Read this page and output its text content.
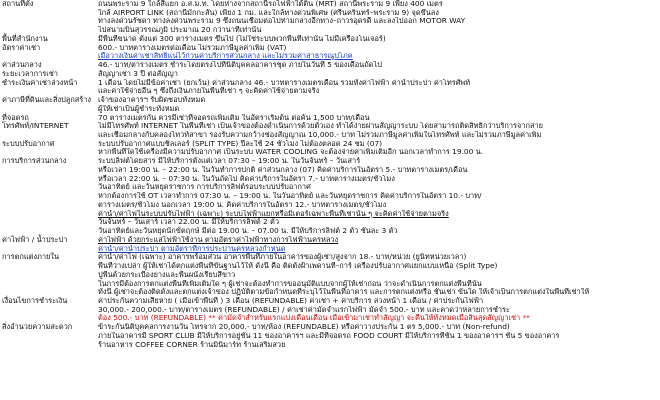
สถานที่ตั้ง	ถนนพระราม 9 ใกล้สี่แยก อ.ส.ม.ท. โดยห่างจากสถานีรถไฟฟ้าใต้ดิน (MRT) สถานีพระราม 9 เพียง 400 เมตร
ใกล้ AIRPORT LINK (สถานีมักกะสัน) เพียง 1 กม. และใกล้ทางด่วนพิเศษ (ศรีนครินทร์–พระราม 9) จุดขึ้นลง
ทางลงด่วนรัชดา ทางลงด่วนพระราม 9 ซึ่งถนนเชื่อมต่อไปท่ามกลางอีกทาง–ถาวรอุดรดี และลงไปออก MOTOR WAY
ไปสนามบินสุวรรณภูมิ ประมาณ 20 กว่านาทีเท่านั้น

พื้นที่สำนักงาน	มีพื้นที่ขนาด ตั้งแต่ 300 ตารางเมตร ขึ้นไป (ไม่ใช่ระบบพวกพื้นที่เท่านั้น ไม่มีเครื่องโนเจอร์)

อัตราค่าเช่า	600.- บาทตารางเมตรต่อเดือน ไม่รวมภาษีมูลค่าเพิ่ม (VAT)
เมื่อวางเงินค่าเช่าสิทธิ์แน่ไว้ก่วนค่าบริการส่วนกลาง และไม่รวมค่าสาธารณูปโภค

ค่าส่วนกลาง	46.- บาท/ตารางเมตร ชำระโดยตรงไปที่นิติบุคคลอาคารชุด ภายในวันที่ 5 ของเดือนถัดไป

ระยะเวลาการเช่า	สัญญาเช่า 3 ปี ต่อสัญญา

ชำระเงินค่าเช่าล่วงหน้า	1 เดือน โดยไม่มีข้อค่าเช่า (ยกเว้น) ค่าส่วนกลาง 46.- บาทตารางเมตรเดือน รวมทั้งค่าไฟฟ้า ค่าน้ำประปา ค่าโทรศัพท์
และค่าใช้จ่ายอื่น ๆ ซึ่งถึงเงินภายในพื้นที่เช่า ๆ จะคิดค่าใช้จ่ายตามจริง

ค่าภาษีที่ดินและสิ่งปลูกสร้าง	เจ้าของอาคารฯ รับผิดชอบทั้งหมด
ผู้ให้เช่าเป็นผู้ชำระทั้งหมด

ที่จอดรถ	70 ตารางเมตรกัน ควรมีเช่าที่จอดรถเพิ่มเติม ในอัตราเริ่มต้น ต่อคัน 1,500 บาท/เดือน

โทรศัพท์/INTERNET	ไม่มีโทรศัพท์ INTERNET ในพื้นที่เช่า เป็นเจ้าของต้องดำเนินการด้วยตัวเอง ทำได้ง่ายผ่านสัญญาระบบ โดยสามารถติดสิทธิ์กว่าบริการจากสาย
และเชื่อมกลางกับคลองไทวท์สาขา รองรับความกว้างช่องสัญญาณ 10,000.- บาท ไม่รวมภาษีมูลค่าเพิ่มในโทรศัพท์ และไม่รวมภาษีมูลค่าเพิ่ม

ระบบปรับอากาศ	ระบบปรับอากาศแบบชิลเลอร์ (SPLIT TYPE) ปีละใช้ 24 ชั่วโมง ไม่ต้องตลอด 24 ชม (07)
หากพื้นที่ใดใช้เครื่องมีความปรับอากาศ เป็นระบบ WATER COOLING จะต้องจ่ายค่าเพิ่มเติมอีก นอกเวลาทำการ 19.00 น.

การบริการส่วนกลาง	ระบบลิฟต์โดยสาร มีให้บริการตั้งแต่เวลา 07:30 – 19:00 น. ในวันจันทร์ – วันเสาร์
หรือเวลา 19:00 น. – 22:00 น. ในวันทำการปกติ ค่าส่วนกลาง (07) คิดค่าบริการในอัตรา 5.- บาทตารางเมตร/เดือน
หรือเวลา 22:00 น. – 07:30 น. ในวันถัดไป คิดค่าบริการในอัตรา 7.- บาทตารางเมตร/ชั่วโมง
วันอาทิตย์ และวันหยุดราชการ การบริการลิฟต์รอบระบบปรับอากาศ
หากต้องการใช้ OT เวลาทำการ 07:30 น. – 19:00 น. ในวันอาทิตย์ และวันหยุดราชการ คิดค่าบริการในอัตรา 10.- บาท/
ตารางเมตร/ชั่วโมง นอกเวลา 19:00 น. คิดค่าบริการในอัตรา 12.- บาทตารางเมตร/ชั่วโมง
ค่าน้ำ/ค่าไฟในระบบปรับไฟฟ้า (เฉพาะ) ระบบไฟฟ้าแยกหรือมิเตอร์เฉพาะพื้นที่เช่านั้น ๆ จะคิดค่าใช้จ่ายตามจริง
วันจันทร์ – วันเสาร์ เวลา 22.00 น. มีให้บริการลิฟต์ 2 ตัว
วันอาทิตย์และวันหยุดนักขัตฤกษ์ มีต่อ 19.00 น. – 07.00 น. มีให้บริการลิฟต์ 2 ตัว ชั้นละ 3 ตัว

ค่าไฟฟ้า / น้ำประปา	ค่าไฟฟ้า ด้วยกระแสไฟฟ้าใช้งาน ตามอัตราค่าไฟฟ้าทางการไฟฟ้านครหลวง
ค่าน้ำ/ค่าน้ำประปา ตามอัตราที่การประปานครหลวงกำหนด

การตกแต่งภายใน	ค่าน้ำ/ค่าไฟ (เฉพาะ) อาคารพร้อมส่วน อาคารพื้นที่ภายในอาคารของผู้เช่า/สูงจาก 18.- บาท/หน่วย (ยูนิทหน่วยเวลา)
พื้นที่ว่างเปล่า ผู้ให้เช่าได้ตกแต่งพื้นที่ขั้นฐานไว้ให้ ดังนี้ คือ ติดตั้งฝ้าเพดานที–การ์ เครื่องปรับอากาศแยกแบบเหนือ (Split Type)
ปูพื้นด้วยกระเบื้องยางและพื้นผนังเรียบสีขาว
ในการมีต้องการตกแต่งพื้นที่เพิ่มเติมใด ๆ ผู้เช่าจะต้องทำการขออนุมัติแบบจากผู้ให้เช่าก่อน ว่าจะดำเนินการตกแต่งพื้นที่นั้น
ทั้งนี้ ผู้เช่าจะต้องติดตั้งและตกแต่งเจ้าของ ปฏิบัติตามข้อกำหนดที่ระบุไว้ในพื้นที่อาคาร และการตกแต่งหรือ ชั้นเช่า ขั้นใด ให้เจ้าเป็นการตกแต่งในพื้นที่เช่าให้

เงื่อนไขการชำระเงิน	ค่าประกันความเสียหาย ( เมื่อเข้าพื้นที่ ) 3 เดือน (REFUNDABLE) ค่าเช่า + ค่าบริการ ล่วงหน้า 1 เดือน / ค่าประกันไฟฟ้า
30,000.- 200,000.- บาท/ตารางเมตร (REFUNDABLE) / ค่าเช่าค่ามัดจำแรกไฟฟ้า มัดจำ 500.- บาท และคาดว่าหลายการชำระ
ต้อง 500.- บาท (REFUNDABLE) ** ค่ามัดจำสำหรับแรกแบ่งเดือนเดือน เมื่อเข้ามาเช่าทำสัญญา จะคืนให้ทั้งหมดเมื่อสิ้นสุดสัญญาเช่า **

สิ่งอำนวยความสะดวก	ข้าระกันนิติบุคคลการงานวัน โทรจาก 20,000.- บาท/ห้อง (REFUNDABLE) หรือค่าวางประกัน 1 ตร 5,000.- บาท (Non-refund)
ภายในอาคารมี SPORT CLUB มีให้บริการอยู่ชั้น 11 ของอาคารฯ และมีที่จอดรถ FOOD COURT มีให้บริการที่ชั้น 1 ของอาคารฯ ชั้น 5 ของอาคาร
ร้านอาหาร COFFEE CORNER ร้านมินิมาร์ท ร้านเสริมสวย
